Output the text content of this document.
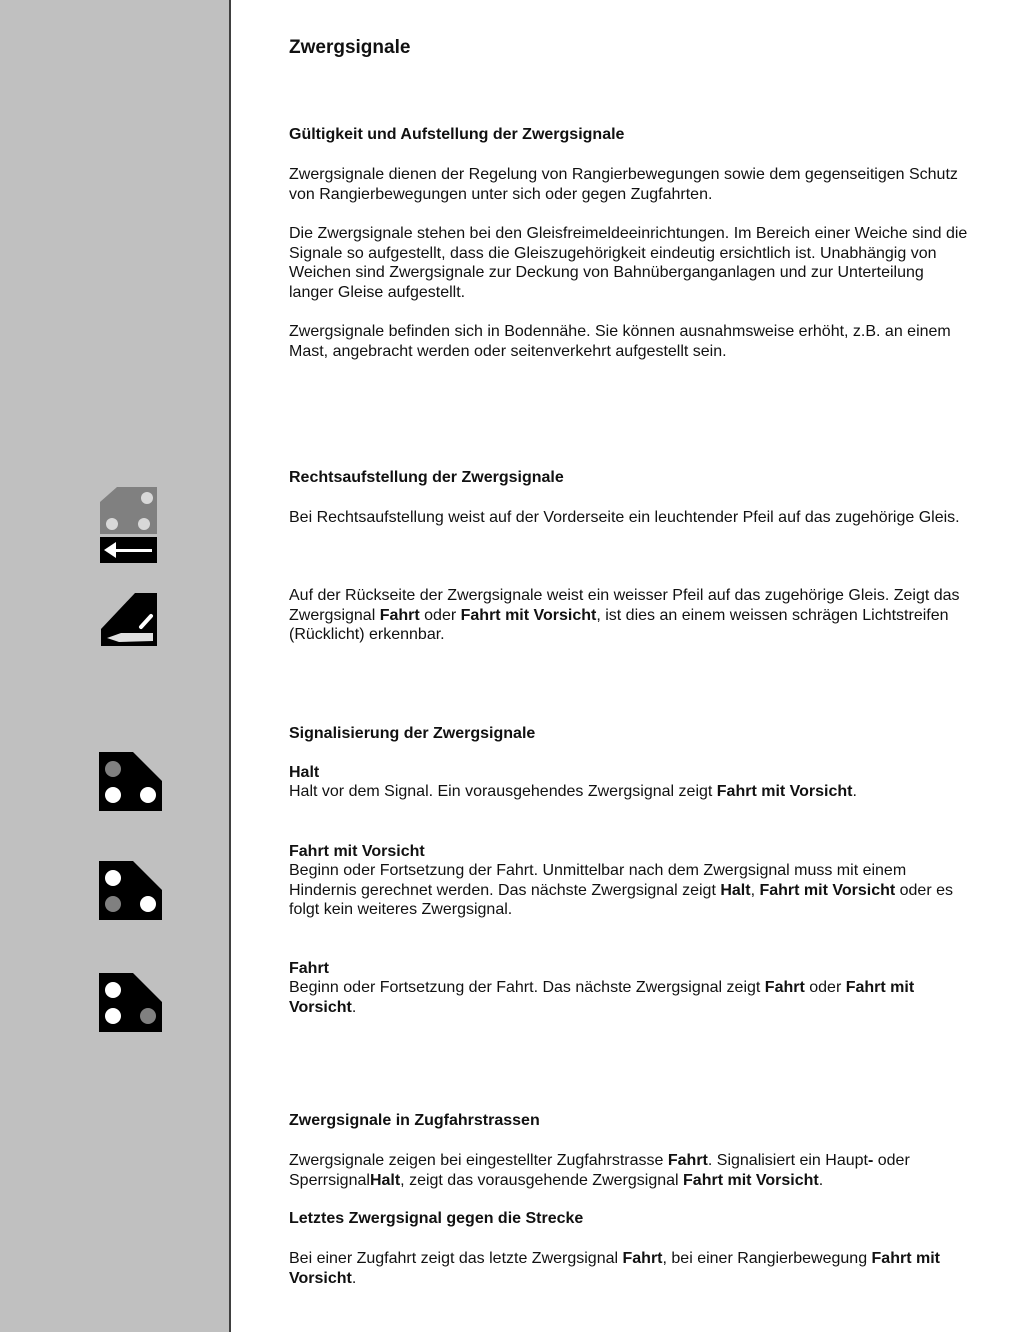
Zwergsignale
Gültigkeit und Aufstellung der Zwergsignale

Zwergsignale dienen der Regelung von Rangierbewegungen sowie dem gegenseitigen Schutz von Rangierbewegungen unter sich oder gegen Zugfahrten.

Die Zwergsignale stehen bei den Gleisfreimeldeeinrichtungen. Im Bereich einer Weiche sind die Signale so aufgestellt, dass die Gleiszugehörigkeit eindeutig ersichtlich ist. Unabhängig von Weichen sind Zwergsignale zur Deckung von Bahnüberganganlagen und zur Unterteilung langer Gleise aufgestellt.

Zwergsignale befinden sich in Bodennähe. Sie können ausnahmsweise erhöht, z.B. an einem Mast, angebracht werden oder seitenverkehrt aufgestellt sein.

Rechtsaufstellung der Zwergsignale

Bei Rechtsaufstellung weist auf der Vorderseite ein leuchtender Pfeil auf das zugehörige Gleis.

Auf der Rückseite der Zwergsignale weist ein weisser Pfeil auf das zugehörige Gleis. Zeigt das Zwergsignal Fahrt oder Fahrt mit Vorsicht, ist dies an einem weissen schrägen Lichtstreifen (Rücklicht) erkennbar.

Signalisierung der Zwergsignale
Halt

Halt vor dem Signal. Ein vorausgehendes Zwergsignal zeigt Fahrt mit Vorsicht.

Fahrt mit Vorsicht

Beginn oder Fortsetzung der Fahrt. Unmittelbar nach dem Zwergsignal muss mit einem Hindernis gerechnet werden. Das nächste Zwergsignal zeigt Halt, Fahrt mit Vorsicht oder es folgt kein weiteres Zwergsignal.

Fahrt

Beginn oder Fortsetzung der Fahrt. Das nächste Zwergsignal zeigt Fahrt oder Fahrt mit Vorsicht.

Zwergsignale in Zugfahrstrassen

Zwergsignale zeigen bei eingestellter Zugfahrstrasse Fahrt. Signalisiert ein Haupt- oder SperrsignalHalt, zeigt das vorausgehende Zwergsignal Fahrt mit Vorsicht.

Letztes Zwergsignal gegen die Strecke

Bei einer Zugfahrt zeigt das letzte Zwergsignal Fahrt, bei einer Rangierbewegung Fahrt mit Vorsicht.
